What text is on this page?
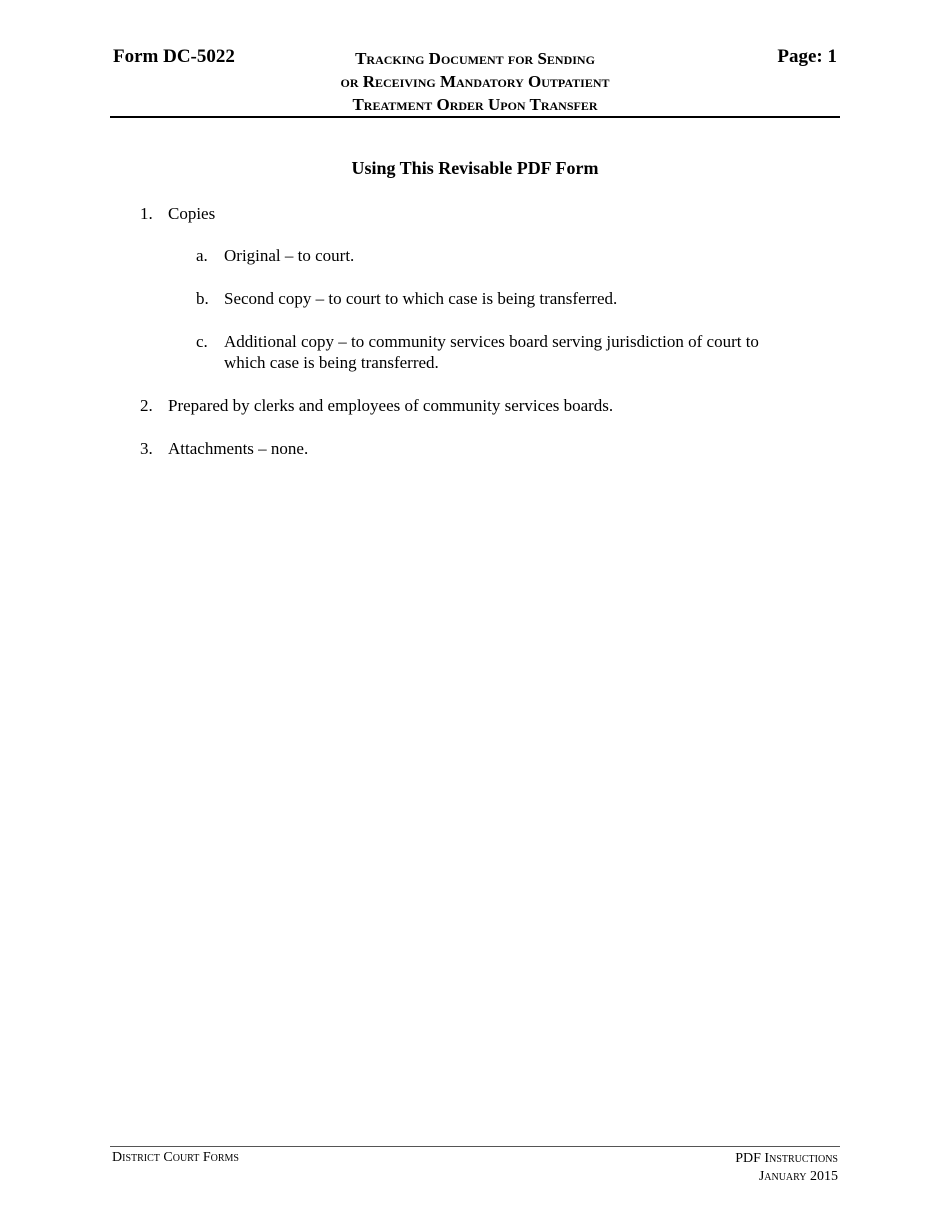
Form DC-5022	Tracking Document for Sending
or Receiving Mandatory Outpatient
Treatment Order Upon Transfer
Page: 1
Using This Revisable PDF Form
1. Copies
a. Original – to court.
b. Second copy – to court to which case is being transferred.
c. Additional copy – to community services board serving jurisdiction of court to
which case is being transferred.
2. Prepared by clerks and employees of community services boards.
3. Attachments – none.
District Court Forms	PDF Instructions
January 2015
